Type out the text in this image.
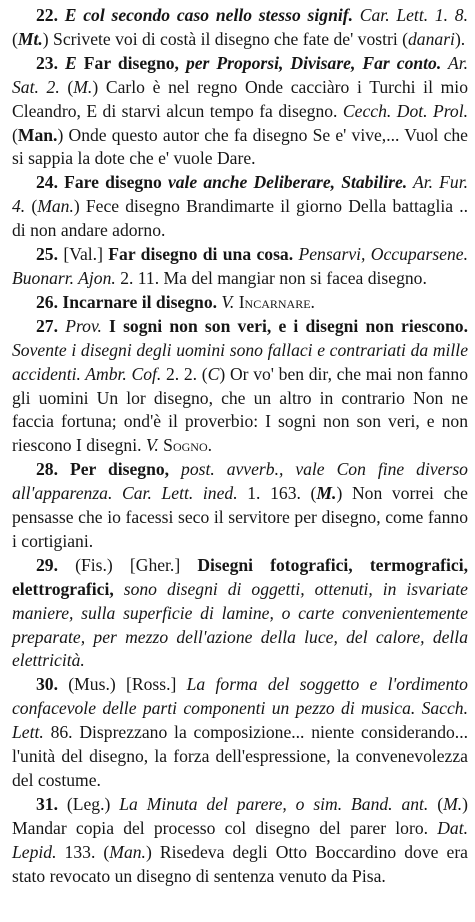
22. E col secondo caso nello stesso signif. Car. Lett. 1. 8. (Mt.) Scrivete voi di costà il disegno che fate de' vostri (danari).

23. E Far disegno, per Proporsi, Divisare, Far conto. Ar. Sat. 2. (M.) Carlo è nel regno Onde cacciàro i Turchi il mio Cleandro, E di starvi alcun tempo fa disegno. Cecch. Dot. Prol. (Man.) Onde questo autor che fa disegno Se e' vive,... Vuol che si sappia la dote che e' vuole Dare.

24. Fare disegno vale anche Deliberare, Stabilire. Ar. Fur. 4. (Man.) Fece disegno Brandimarte il giorno Della battaglia .. di non andare adorno.

25. [Val.] Far disegno di una cosa. Pensarvi, Occuparsene. Buonarr. Ajon. 2. 11. Ma del mangiar non si facea disegno.

26. Incarnare il disegno. V. Incarnare.

27. Prov. I sogni non son veri, e i disegni non riescono. Sovente i disegni degli uomini sono fallaci e contrariati da mille accidenti. Ambr. Cof. 2. 2. (C) Or vo' ben dir, che mai non fanno gli uomini Un lor disegno, che un altro in contrario Non ne faccia fortuna; ond'è il proverbio: I sogni non son veri, e non riescono I disegni. V. Sogno.

28. Per disegno, post. avverb., vale Con fine diverso all'apparenza. Car. Lett. ined. 1. 163. (M.) Non vorrei che pensasse che io facessi seco il servitore per disegno, come fanno i cortigiani.

29. (Fis.) [Gher.] Disegni fotografici, termografici, elettrografici, sono disegni di oggetti, ottenuti, in isvariate maniere, sulla superficie di lamine, o carte convenientemente preparate, per mezzo dell'azione della luce, del calore, della elettricità.

30. (Mus.) [Ross.] La forma del soggetto e l'ordimento confacevole delle parti componenti un pezzo di musica. Sacch. Lett. 86. Disprezzano la composizione... niente considerando... l'unità del disegno, la forza dell'espressione, la convenevolezza del costume.

31. (Leg.) La Minuta del parere, o sim. Band. ant. (M.) Mandar copia del processo col disegno del parer loro. Dat. Lepid. 133. (Man.) Risedeva degli Otto Boccardino dove era stato revocato un disegno di sentenza venuto da Pisa.
